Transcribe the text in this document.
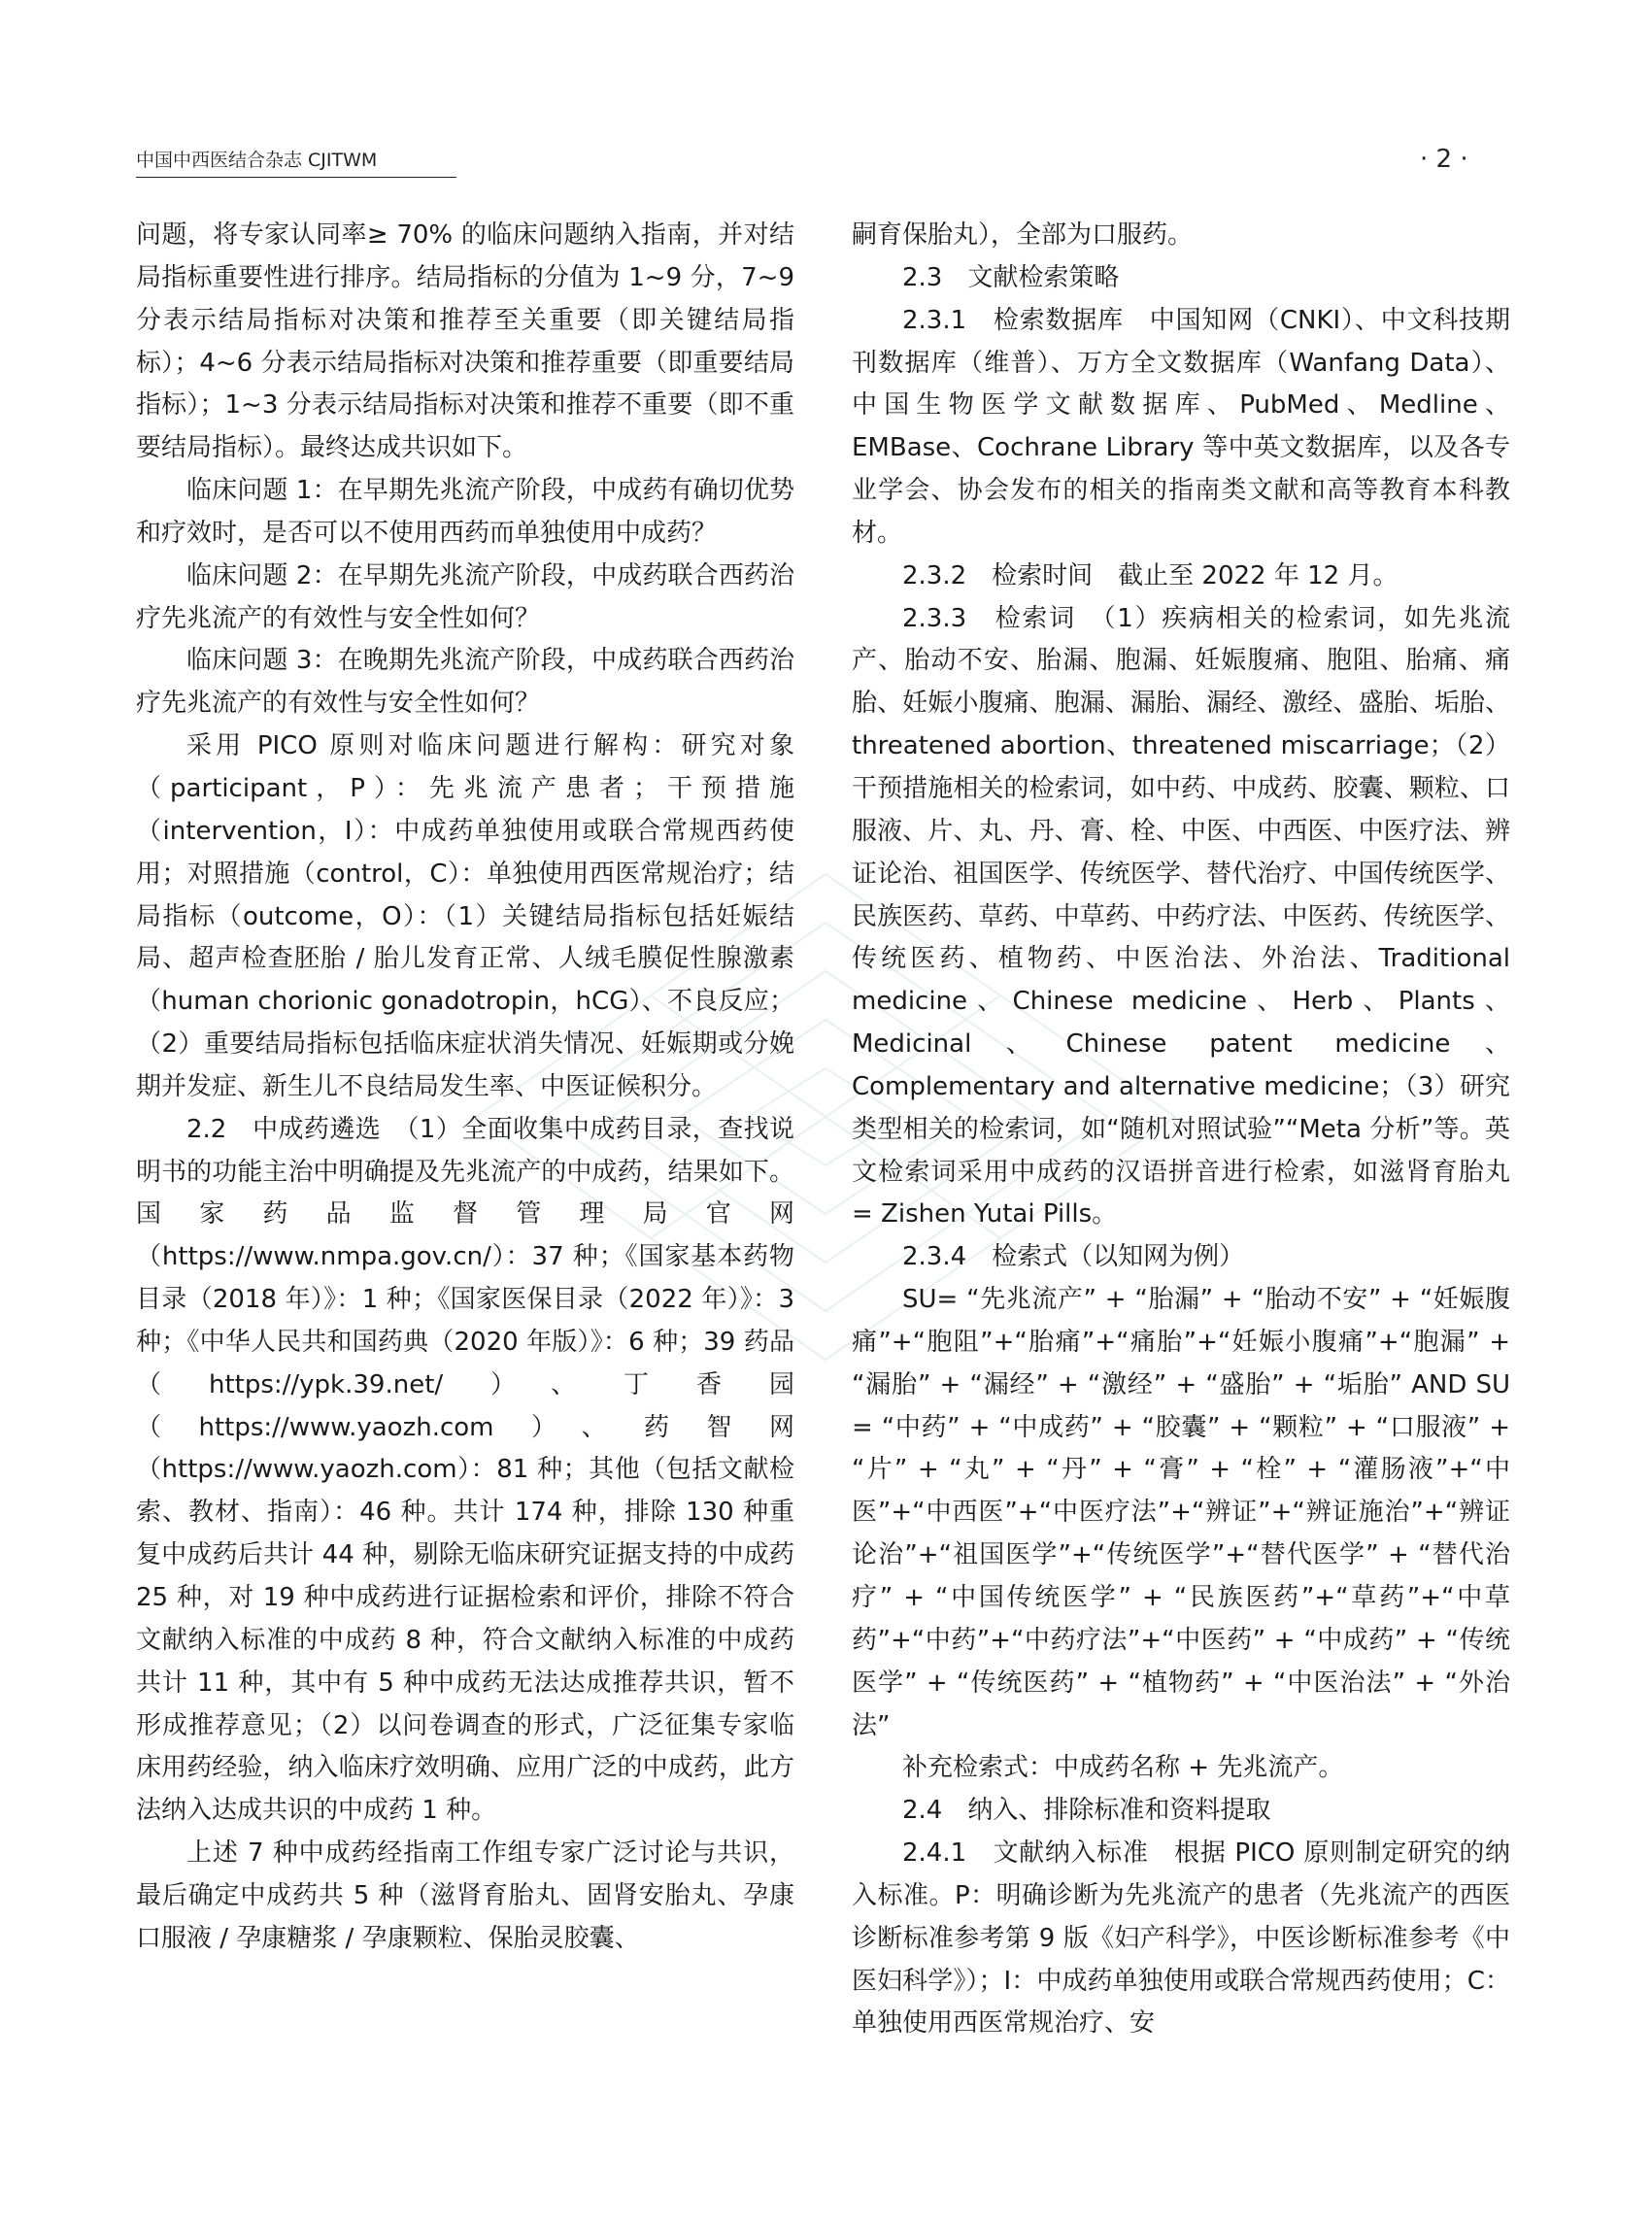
中国中西医结合杂志 CJITWM	· 2 ·

问题，将专家认同率≥ 70% 的临床问题纳入指南，并对结局指标重要性进行排序。结局指标的分值为 1~9 分，7~9 分表示结局指标对决策和推荐至关重要（即关键结局指标）；4~6 分表示结局指标对决策和推荐重要（即重要结局指标）；1~3 分表示结局指标对决策和推荐不重要（即不重要结局指标）。最终达成共识如下。

临床问题 1：在早期先兆流产阶段，中成药有确切优势和疗效时，是否可以不使用西药而单独使用中成药？

临床问题 2：在早期先兆流产阶段，中成药联合西药治疗先兆流产的有效性与安全性如何？

临床问题 3：在晚期先兆流产阶段，中成药联合西药治疗先兆流产的有效性与安全性如何？

采用 PICO 原则对临床问题进行解构：研究对象（participant，P）：先兆流产患者；干预措施（intervention，I）：中成药单独使用或联合常规西药使用；对照措施（control，C）：单独使用西医常规治疗；结局指标（outcome，O）：（1）关键结局指标包括妊娠结局、超声检查胚胎 / 胎儿发育正常、人绒毛膜促性腺激素（human chorionic gonadotropin，hCG）、不良反应；（2）重要结局指标包括临床症状消失情况、妊娠期或分娩期并发症、新生儿不良结局发生率、中医证候积分。

2.2　中成药遴选　（1）全面收集中成药目录，查找说明书的功能主治中明确提及先兆流产的中成药，结果如下。国家药品监督管理局官网（https://www.nmpa.gov.cn/）：37 种；《国家基本药物目录（2018 年）》：1 种；《国家医保目录（2022 年）》：3 种；《中华人民共和国药典（2020 年版）》：6 种；39 药品（https://ypk.39.net/）、丁香园（https://www.yaozh.com）、药智网（https://www.yaozh.com）：81 种；其他（包括文献检索、教材、指南）：46 种。共计 174 种，排除 130 种重复中成药后共计 44 种，剔除无临床研究证据支持的中成药 25 种，对 19 种中成药进行证据检索和评价，排除不符合文献纳入标准的中成药 8 种，符合文献纳入标准的中成药共计 11 种，其中有 5 种中成药无法达成推荐共识，暂不形成推荐意见；（2）以问卷调查的形式，广泛征集专家临床用药经验，纳入临床疗效明确、应用广泛的中成药，此方法纳入达成共识的中成药 1 种。

上述 7 种中成药经指南工作组专家广泛讨论与共识，最后确定中成药共 5 种（滋肾育胎丸、固肾安胎丸、孕康口服液 / 孕康糖浆 / 孕康颗粒、保胎灵胶囊、

嗣育保胎丸），全部为口服药。

2.3　文献检索策略

2.3.1　检索数据库　中国知网（CNKI）、中文科技期刊数据库（维普）、万方全文数据库（Wanfang Data）、中国生物医学文献数据库、PubMed、Medline、EMBase、Cochrane Library 等中英文数据库，以及各专业学会、协会发布的相关的指南类文献和高等教育本科教材。

2.3.2　检索时间　截止至 2022 年 12 月。

2.3.3　检索词　（1）疾病相关的检索词，如先兆流产、胎动不安、胎漏、胞漏、妊娠腹痛、胞阻、胎痛、痛胎、妊娠小腹痛、胞漏、漏胎、漏经、激经、盛胎、垢胎、threatened abortion、threatened miscarriage；（2）干预措施相关的检索词，如中药、中成药、胶囊、颗粒、口服液、片、丸、丹、膏、栓、中医、中西医、中医疗法、辨证论治、祖国医学、传统医学、替代治疗、中国传统医学、民族医药、草药、中草药、中药疗法、中医药、传统医学、传统医药、植物药、中医治法、外治法、Traditional medicine、Chinese medicine、Herb、Plants、Medicinal、Chinese patent medicine、Complementary and alternative medicine；（3）研究类型相关的检索词，如“随机对照试验”“Meta 分析”等。英文检索词采用中成药的汉语拼音进行检索，如滋肾育胎丸 = Zishen Yutai Pills。

2.3.4　检索式（以知网为例）

SU= “先兆流产” + “胎漏” + “胎动不安” + “妊娠腹痛”+“胞阻”+“胎痛”+“痛胎”+“妊娠小腹痛”+“胞漏” + “漏胎” + “漏经” + “激经” + “盛胎” + “垢胎” AND SU = “中药” + “中成药” + “胶囊” + “颗粒” + “口服液” + “片” + “丸” + “丹” + “膏” + “栓” + “灌肠液”+“中医”+“中西医”+“中医疗法”+“辨证”+“辨证施治”+“辨证论治”+“祖国医学”+“传统医学”+“替代医学” + “替代治疗” + “中国传统医学” + “民族医药”+“草药”+“中草药”+“中药”+“中药疗法”+“中医药” + “中成药” + “传统医学” + “传统医药” + “植物药” + “中医治法” + “外治法”

补充检索式：中成药名称 + 先兆流产。

2.4　纳入、排除标准和资料提取

2.4.1　文献纳入标准　根据 PICO 原则制定研究的纳入标准。P：明确诊断为先兆流产的患者（先兆流产的西医诊断标准参考第 9 版《妇产科学》，中医诊断标准参考《中医妇科学》）；I：中成药单独使用或联合常规西药使用；C：单独使用西医常规治疗、安
